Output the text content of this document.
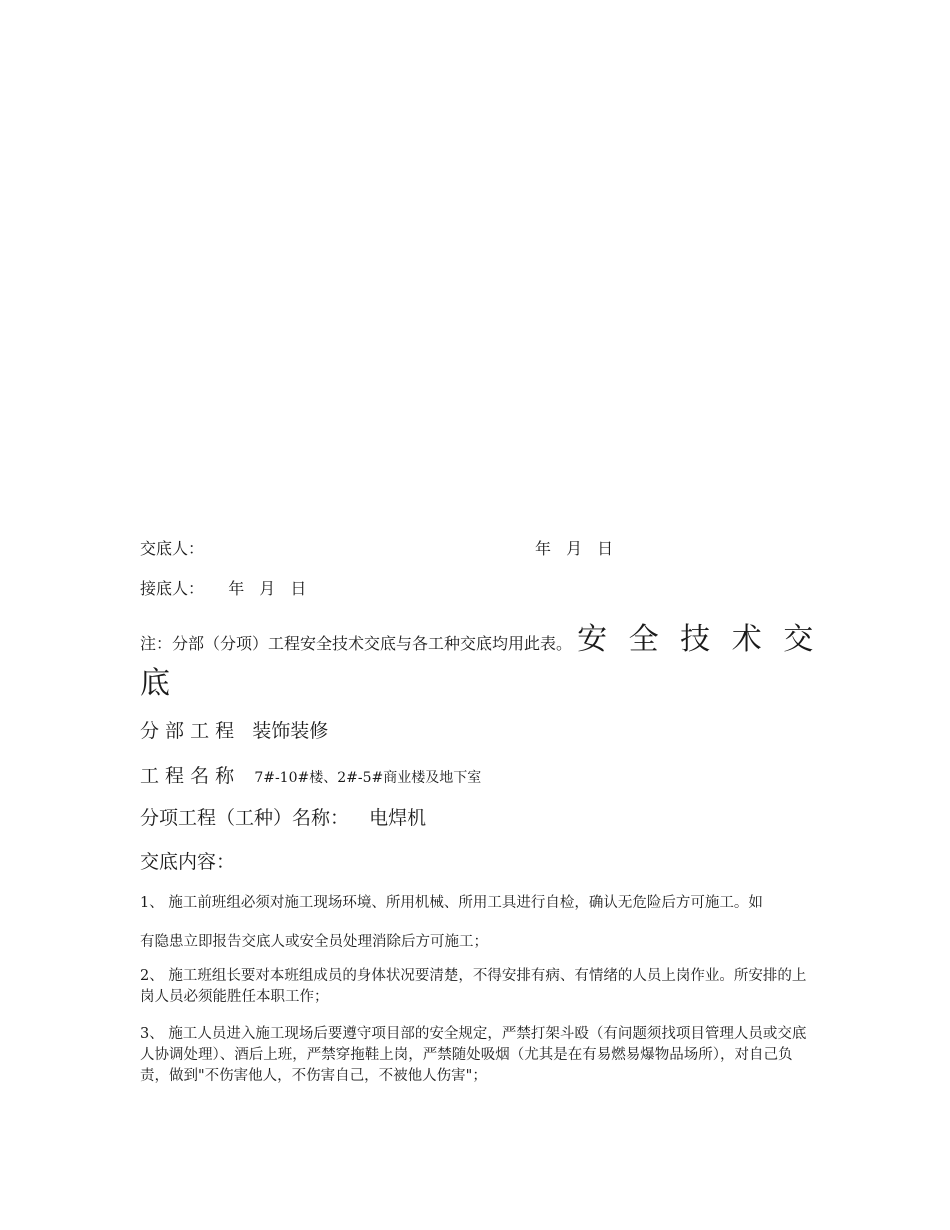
交底人：	年 月 日
接底人： 年 月 日
注：分部（分项）工程安全技术交底与各工种交底均用此表。 安 全 技 术 交
底
分 部 工 程 装饰装修
工 程 名 称 7#-10#楼、2#-5#商业楼及地下室
分项工程（工种）名称： 电焊机
交底内容：
1、 施工前班组必须对施工现场环境、所用机械、所用工具进行自检，确认无危险后方可施工。如
有隐患立即报告交底人或安全员处理消除后方可施工；
2、 施工班组长要对本班组成员的身体状况要清楚，不得安排有病、有情绪的人员上岗作业。所安排的上岗人员必须能胜任本职工作；
3、 施工人员进入施工现场后要遵守项目部的安全规定，严禁打架斗殴（有问题须找项目管理人员或交底人协调处理）、酒后上班，严禁穿拖鞋上岗，严禁随处吸烟（尤其是在有易燃易爆物品场所），对自己负责，做到"不伤害他人，不伤害自己，不被他人伤害"；
